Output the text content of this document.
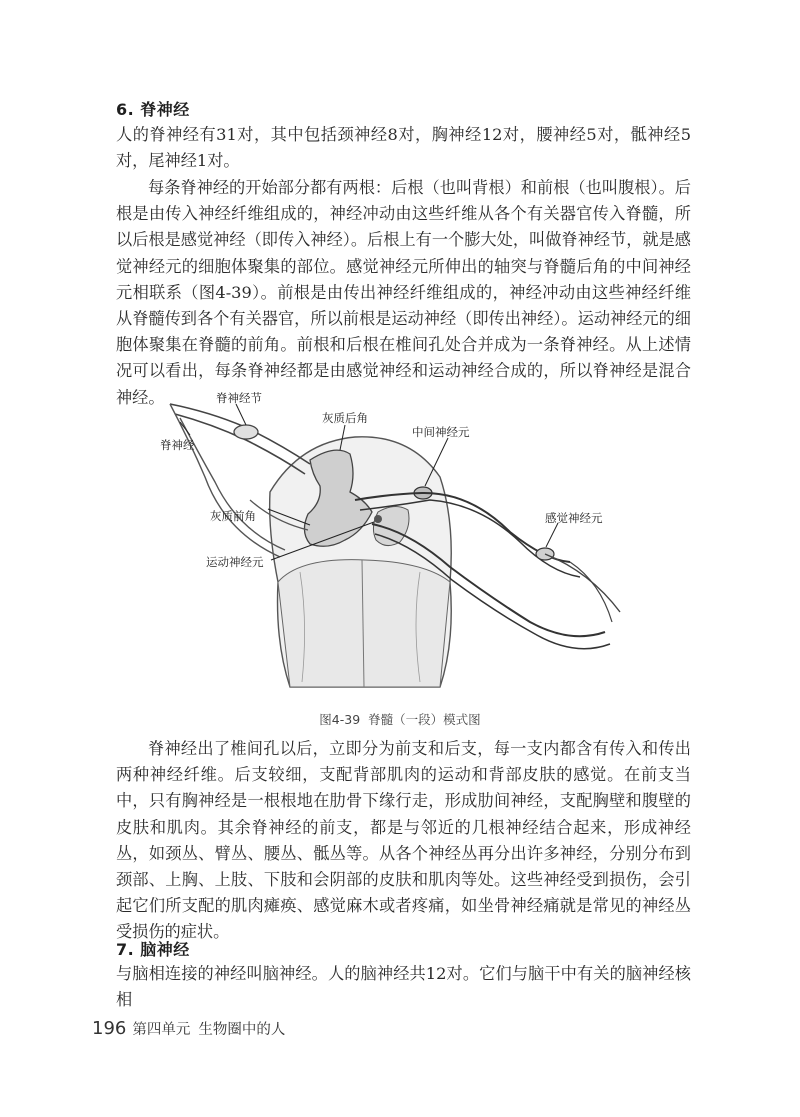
6. 脊神经

人的脊神经有31对，其中包括颈神经8对，胸神经12对，腰神经5对，骶神经5对，尾神经1对。

每条脊神经的开始部分都有两根：后根（也叫背根）和前根（也叫腹根）。后根是由传入神经纤维组成的，神经冲动由这些纤维从各个有关器官传入脊髓，所以后根是感觉神经（即传入神经）。后根上有一个膨大处，叫做脊神经节，就是感觉神经元的细胞体聚集的部位。感觉神经元所伸出的轴突与脊髓后角的中间神经元相联系（图4-39）。前根是由传出神经纤维组成的，神经冲动由这些神经纤维从脊髓传到各个有关器官，所以前根是运动神经（即传出神经）。运动神经元的细胞体聚集在脊髓的前角。前根和后根在椎间孔处合并成为一条脊神经。从上述情况可以看出，每条脊神经都是由感觉神经和运动神经合成的，所以脊神经是混合神经。	脊神经节
脊神经
灰质后角
中间神经元
灰质前角	感觉神经元
运动神经元
图4-39 脊髓（一段）模式图

脊神经出了椎间孔以后，立即分为前支和后支，每一支内都含有传入和传出两种神经纤维。后支较细，支配背部肌肉的运动和背部皮肤的感觉。在前支当中，只有胸神经是一根根地在肋骨下缘行走，形成肋间神经，支配胸壁和腹壁的皮肤和肌肉。其余脊神经的前支，都是与邻近的几根神经结合起来，形成神经丛，如颈丛、臂丛、腰丛、骶丛等。从各个神经丛再分出许多神经，分别分布到颈部、上胸、上肢、下肢和会阴部的皮肤和肌肉等处。这些神经受到损伤，会引起它们所支配的肌肉瘫痪、感觉麻木或者疼痛，如坐骨神经痛就是常见的神经丛受损伤的症状。

7. 脑神经

与脑相连接的神经叫脑神经。人的脑神经共12对。它们与脑干中有关的脑神经核相

196 第四单元 生物圈中的人
